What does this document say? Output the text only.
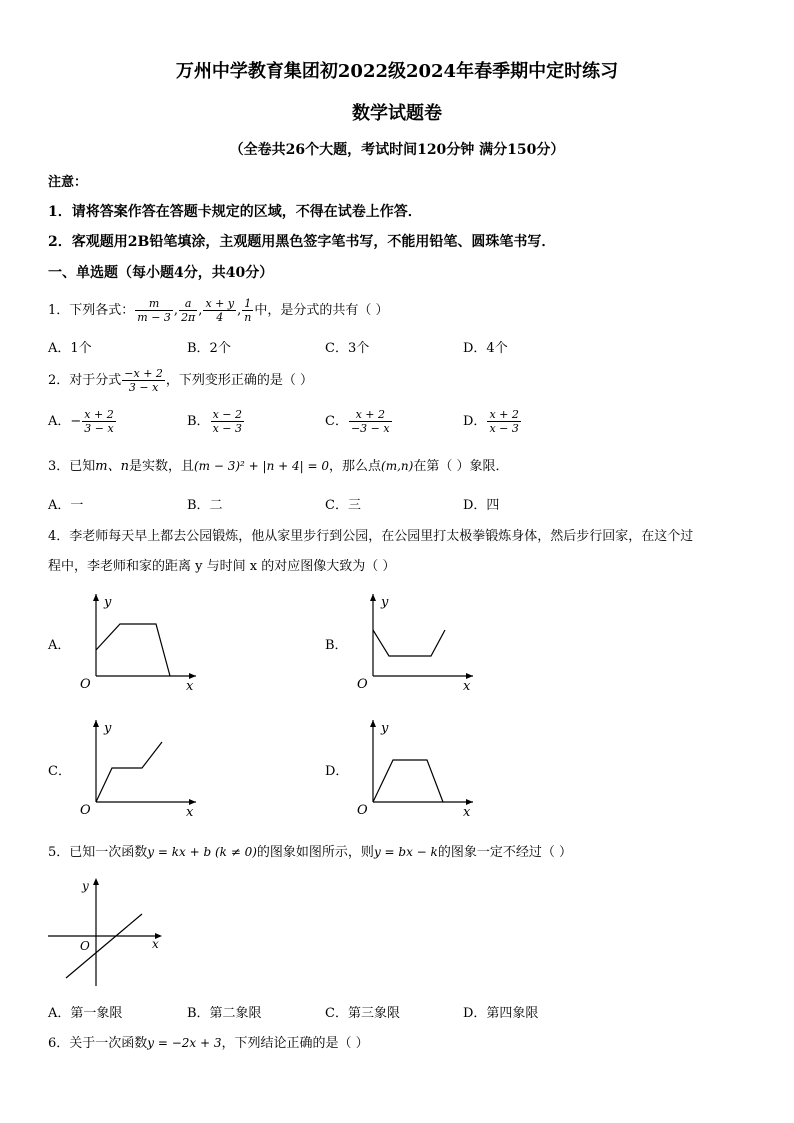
万州中学教育集团初2022级2024年春季期中定时练习
数学试题卷
（全卷共26个大题，考试时间120分钟 满分150分）
注意：
1．请将答案作答在答题卡规定的区域，不得在试卷上作答．
2．客观题用2B铅笔填涂，主观题用黑色签字笔书写，不能用铅笔、圆珠笔书写．
一、单选题（每小题4分，共40分）
1．下列各式： $\frac{m}{m - 3}$ , $\frac{a}{2\pi}$ , $\frac{x + y}{4}$ , $\frac{1}{n}$ 中，是分式的共有（ ）
A．1个	B．2个	C．3个	D．4个
2．对于分式 $\frac{-x + 2}{3 - x}$ ，下列变形正确的是（ ）
A．− $\frac{x + 2}{3 - x}$	B． $\frac{x - 2}{x - 3}$	C． $\frac{x + 2}{-3 - x}$	D． $\frac{x + 2}{x - 3}$
3．已知m、n是实数，且(m − 3)² + |n + 4| = 0，那么点(m,n)在第（ ）象限．
A．一	B．二	C．三	D．四
4．李老师每天早上都去公园锻炼，他从家里步行到公园，在公园里打太极拳锻炼身体，然后步行回家，在这个过
程中，李老师和家的距离 y 与时间 x 的对应图像大致为（ ）
A．	B．
C．	D．
y
x
O
y
x
O
y
x
O
y
x
O
5．已知一次函数y = kx + b (k ≠ 0)的图象如图所示，则y = bx − k的图象一定不经过（ ）
y
x
O
A．第一象限	B．第二象限	C．第三象限	D．第四象限
6．关于一次函数y = −2x + 3，下列结论正确的是（ ）
